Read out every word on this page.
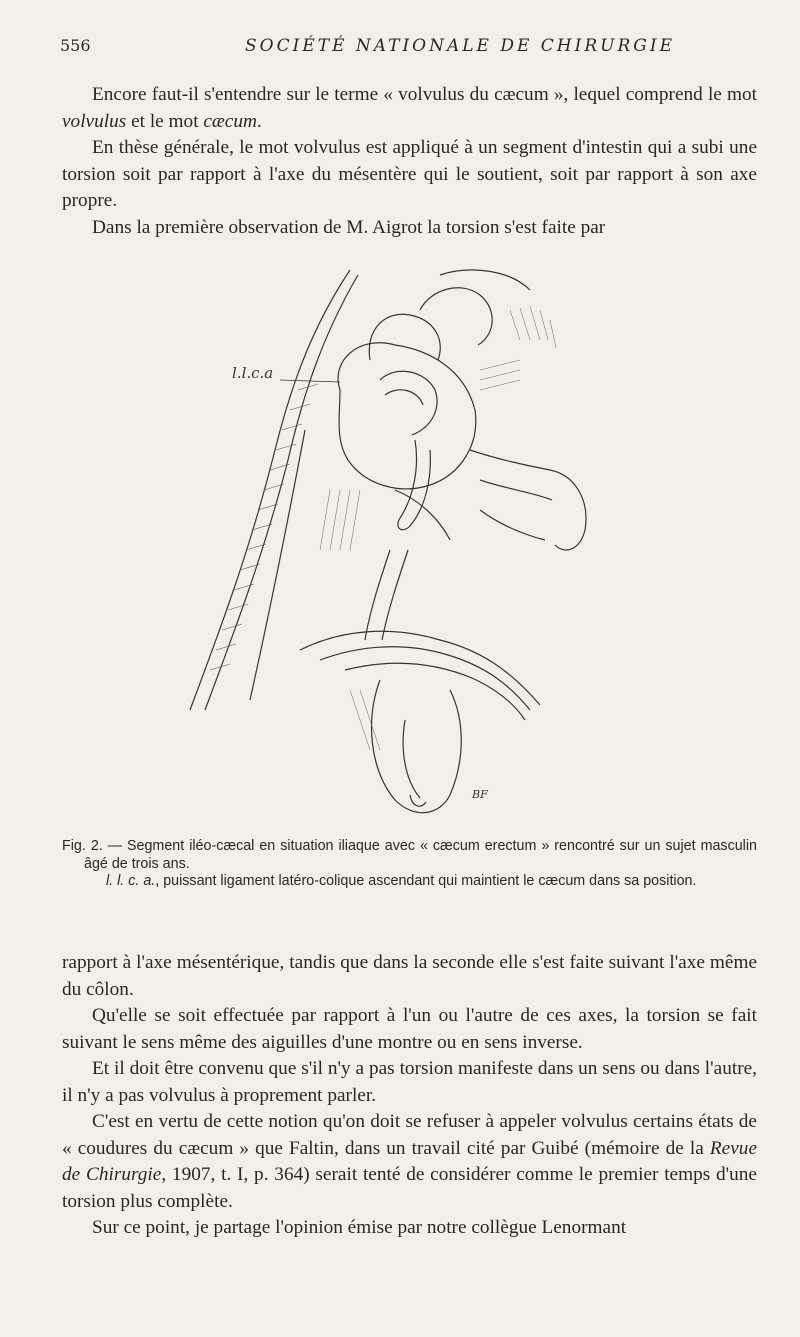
556	SOCIÉTÉ NATIONALE DE CHIRURGIE

Encore faut-il s'entendre sur le terme « volvulus du cæcum », lequel comprend le mot volvulus et le mot cæcum.

En thèse générale, le mot volvulus est appliqué à un segment d'intestin qui a subi une torsion soit par rapport à l'axe du mésentère qui le soutient, soit par rapport à son axe propre.

Dans la première observation de M. Aigrot la torsion s'est faite par

l.l.c.a
BF

Fig. 2. — Segment iléo-cæcal en situation iliaque avec « cæcum erectum » rencontré sur un sujet masculin âgé de trois ans.

l. l. c. a., puissant ligament latéro-colique ascendant qui maintient le cæcum dans sa position.

rapport à l'axe mésentérique, tandis que dans la seconde elle s'est faite suivant l'axe même du côlon.

Qu'elle se soit effectuée par rapport à l'un ou l'autre de ces axes, la torsion se fait suivant le sens même des aiguilles d'une montre ou en sens inverse.

Et il doit être convenu que s'il n'y a pas torsion manifeste dans un sens ou dans l'autre, il n'y a pas volvulus à proprement parler.

C'est en vertu de cette notion qu'on doit se refuser à appeler volvulus certains états de « coudures du cæcum » que Faltin, dans un travail cité par Guibé (mémoire de la Revue de Chirurgie, 1907, t. I, p. 364) serait tenté de considérer comme le premier temps d'une torsion plus complète.

Sur ce point, je partage l'opinion émise par notre collègue Lenormant
